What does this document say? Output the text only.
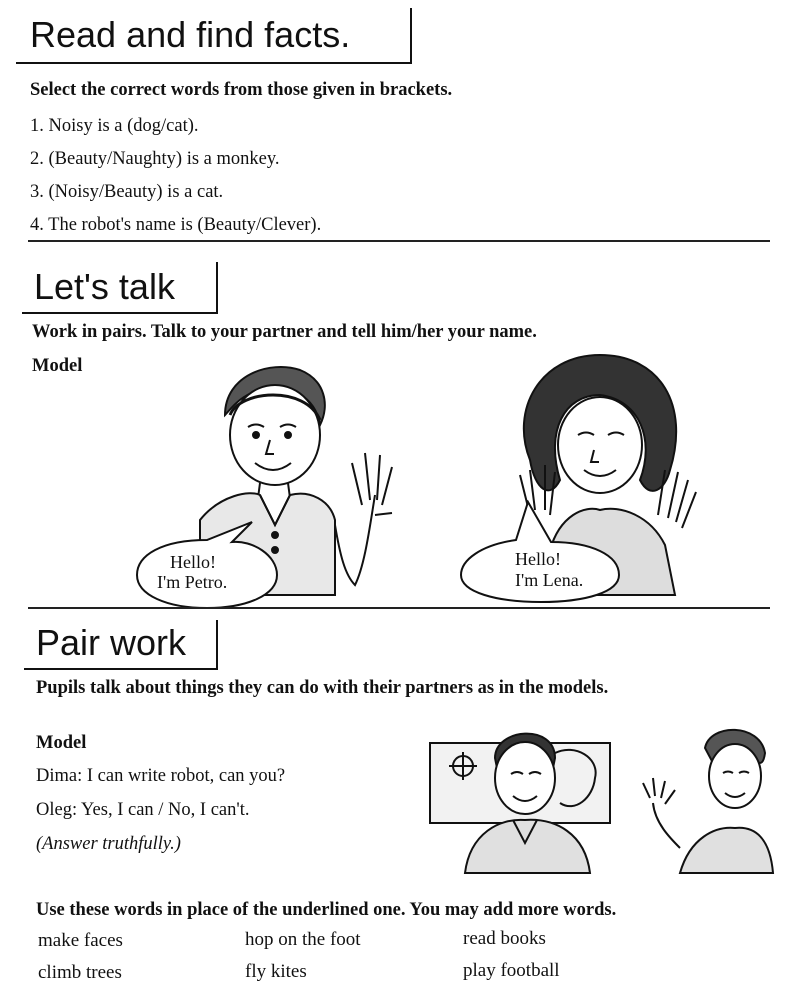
Read and find facts.
Select the correct words from those given in brackets.
1. Noisy is a (dog/cat).
2. (Beauty/Naughty) is a monkey.
3. (Noisy/Beauty) is a cat.
4. The robot's name is (Beauty/Clever).
Let's talk
Work in pairs. Talk to your partner and tell him/her your name.
Model
Hello!
I'm Petro.
Hello!
I'm Lena.
Pair work
Pupils talk about things they can do with their partners as in the models.
Model
Dima: I can write robot, can you?
Oleg: Yes, I can / No, I can't.
(Answer truthfully.)
Use these words in place of the underlined one. You may add more words.
make faces	hop on the foot	read books
climb trees	fly kites	play football
